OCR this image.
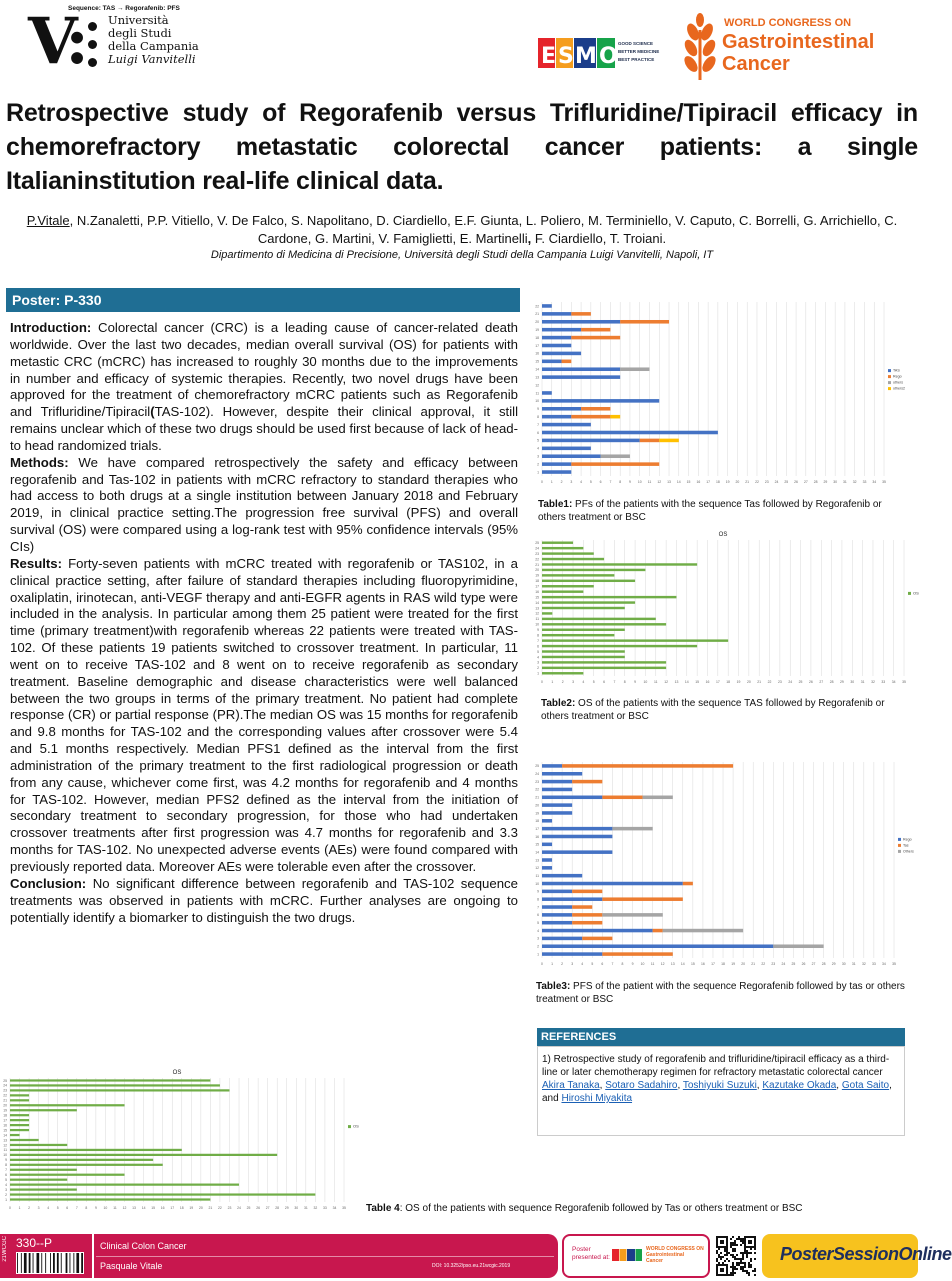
Sequence: TAS → Regorafenib: PFS
V: Università
degli Studi
della Campania
Luigi Vanvitelli	E S M O
GOOD SCIENCE
BETTER MEDICINE
BEST PRACTICE
WORLD CONGRESS ON
Gastrointestinal
Cancer
Retrospective study of Regorafenib versus Trifluridine/Tipiracil efficacy in chemorefractory metastatic colorectal cancer patients: a single Italianinstitution real-life clinical data.
P.Vitale, N.Zanaletti, P.P. Vitiello, V. De Falco, S. Napolitano, D. Ciardiello, E.F. Giunta, L. Poliero, M. Terminiello, V. Caputo, C. Borrelli, G. Arrichiello, C. Cardone, G. Martini, V. Famiglietti, E. Martinelli, F. Ciardiello, T. Troiani.
Dipartimento di Medicina di Precisione, Università degli Studi della Campania Luigi Vanvitelli, Napoli, IT
Poster: P-330

Introduction: Colorectal cancer (CRC) is a leading cause of cancer-related death worldwide. Over the last two decades, median overall survival (OS) for patients with metastic CRC (mCRC) has increased to roughly 30 months due to the improvements in number and efficacy of systemic therapies. Recently, two novel drugs have been approved for the treatment of chemorefractory mCRC patients such as Regorafenib and Trifluridine/Tipiracil(TAS-102). However, despite their clinical approval, it still remains unclear which of these two drugs should be used first because of lack of head-to head randomized trials.

Methods: We have compared retrospectively the safety and efficacy between regorafenib and Tas-102 in patients with mCRC refractory to standard therapies who had access to both drugs at a single institution between January 2018 and February 2019, in clinical practice setting.The progression free survival (PFS) and overall survival (OS) were compared using a log-rank test with 95% confidence intervals (95% CIs)

Results: Forty-seven patients with mCRC treated with regorafenib or TAS102, in a clinical practice setting, after failure of standard therapies including fluoropyrimidine, oxaliplatin, irinotecan, anti-VEGF therapy and anti-EGFR agents in RAS wild type were included in the analysis. In particular among them 25 patient were treated for the first time (primary treatment)with regorafenib whereas 22 patients were treated with TAS-102. Of these patients 19 patients switched to crossover treatment. In particular, 11 went on to receive TAS-102 and 8 went on to receive regorafenib as secondary treatment. Baseline demographic and disease characteristics were well balanced between the two groups in terms of the primary treatment. No patient had complete response (CR) or partial response (PR).The median OS was 15 months for regorafenib and 9.8 months for TAS-102 and the corresponding values after crossover were 5.4 and 5.1 months respectively. Median PFS1 defined as the interval from the first administration of the primary treatment to the first radiological progression or death from any cause, whichever come first, was 4.2 months for regorafenib and 4 months for TAS-102. However, median PFS2 defined as the interval from the initiation of secondary treatment to secondary progression, for those who had undertaken crossover treatments after first progression was 4.7 months for regorafenib and 3.3 months for TAS-102. No unexpected adverse events (AEs) were found compared with previously reported data. Moreover AEs were tolerable even after the crossover.

Conclusion: No significant difference between regorafenib and TAS-102 sequence treatments was observed in patients with mCRC. Further analyses are ongoing to potentially identify a biomarker to distinguish the two drugs.

0 1 2 3 4 5 6 7 8 9 10 11 12 13 14 15 16 17 18 19 20 21 22 23 24 25 26 27 28 29 30 31 32 33 34 35
1
2
3
4
5
6
7
8
9
10
11
12
13
14
15
16
17
18
19
20
21
22
TAS
Rego
others
others2
Table1: PFs of the patients with the sequence Tas followed by Regorafenib or others treatment or BSC
OS
0 1 2 3 4 5 6 7 8 9 10 11 12 13 14 15 16 17 18 19 20 21 22 23 24 25 26 27 28 29 30 31 32 33 34 35
1
2
3
4
5
6
7
8
9
10
11
12
13
14
15
16
17
18
19
20
21
22
23
24
25
OS
Table2: OS of the patients with the sequence TAS followed by Regorafenib or others treatment or BSC
0 1 2 3 4 5 6 7 8 9 10 11 12 13 14 15 16 17 18 19 20 21 22 23 24 25 26 27 28 29 30 31 32 33 34 35
1
2
3
4
5
6
7
8
9
10
11
12
13
14
15
16
17
18
19
20
21
22
23
24
25
Rego
Tas
Others
Table3: PFS of the patient with the sequence Regorafenib followed by tas or others treatment or BSC
OS
0 1 2 3 4 5 6 7 8 9 10 11 12 13 14 15 16 17 18 19 20 21 22 23 24 25 26 27 28 29 30 31 32 33 34 35
1
2
3
4
5
6
7
8
9
10
11
12
13
14
15
16
17
18
19
20
21
22
23
24
25
OS
Table 4: OS of the patients with sequence Regorafenib followed by Tas or others treatment or BSC
REFERENCES
1) Retrospective study of regorafenib and trifluridine/tipiracil efficacy as a third-line or later chemotherapy regimen for refractory metastatic colorectal cancer
Akira Tanaka, Sotaro Sadahiro, Toshiyuki Suzuki, Kazutake Okada, Gota Saito, and Hiroshi Miyakita
21WCGC 330--P	Clinical Colon Cancer
Pasquale Vitale	DOI: 10.3252/pso.eu.21wcgic.2019
Poster
presented at:
WORLD CONGRESS ON
Gastrointestinal
Cancer	PosterSessionOnline
